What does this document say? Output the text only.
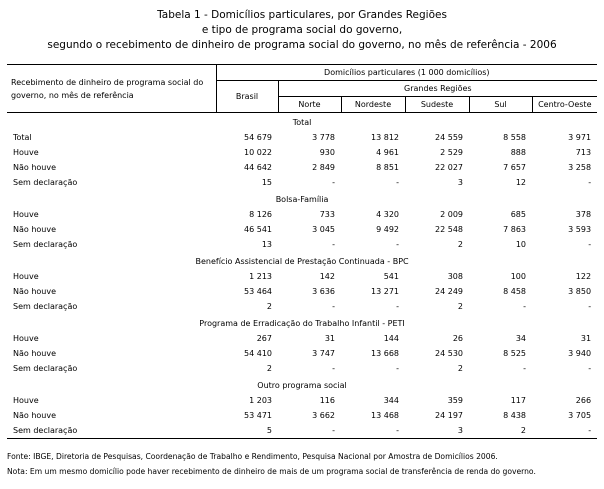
Tabela 1 - Domicílios particulares, por Grandes Regiões
e tipo de programa social do governo,
segundo o recebimento de dinheiro de programa social do governo, no mês de referência - 2006
Recebimento de dinheiro de programa social do governo, no mês de referência	Domicílios particulares (1 000 domicílios)					
	Brasil	Grandes Regiões				
		Norte	Nordeste	Sudeste	Sul	Centro-Oeste
Total						
Total	54 679	3 778	13 812	24 559	8 558	3 971
Houve	10 022	930	4 961	2 529	888	713
Não houve	44 642	2 849	8 851	22 027	7 657	3 258
Sem declaração	15	-	-	3	12	-
Bolsa-Família						
Houve	8 126	733	4 320	2 009	685	378
Não houve	46 541	3 045	9 492	22 548	7 863	3 593
Sem declaração	13	-	-	2	10	-
Benefício Assistencial de Prestação Continuada - BPC						
Houve	1 213	142	541	308	100	122
Não houve	53 464	3 636	13 271	24 249	8 458	3 850
Sem declaração	2	-	-	2	-	-
Programa de Erradicação do Trabalho Infantil - PETI						
Houve	267	31	144	26	34	31
Não houve	54 410	3 747	13 668	24 530	8 525	3 940
Sem declaração	2	-	-	2	-	-
Outro programa social						
Houve	1 203	116	344	359	117	266
Não houve	53 471	3 662	13 468	24 197	8 438	3 705
Sem declaração	5	-	-	3	2	-
Fonte: IBGE, Diretoria de Pesquisas, Coordenação de Trabalho e Rendimento, Pesquisa Nacional por Amostra de Domicílios 2006.
Nota: Em um mesmo domicílio pode haver recebimento de dinheiro de mais de um programa social de transferência de renda do governo.
